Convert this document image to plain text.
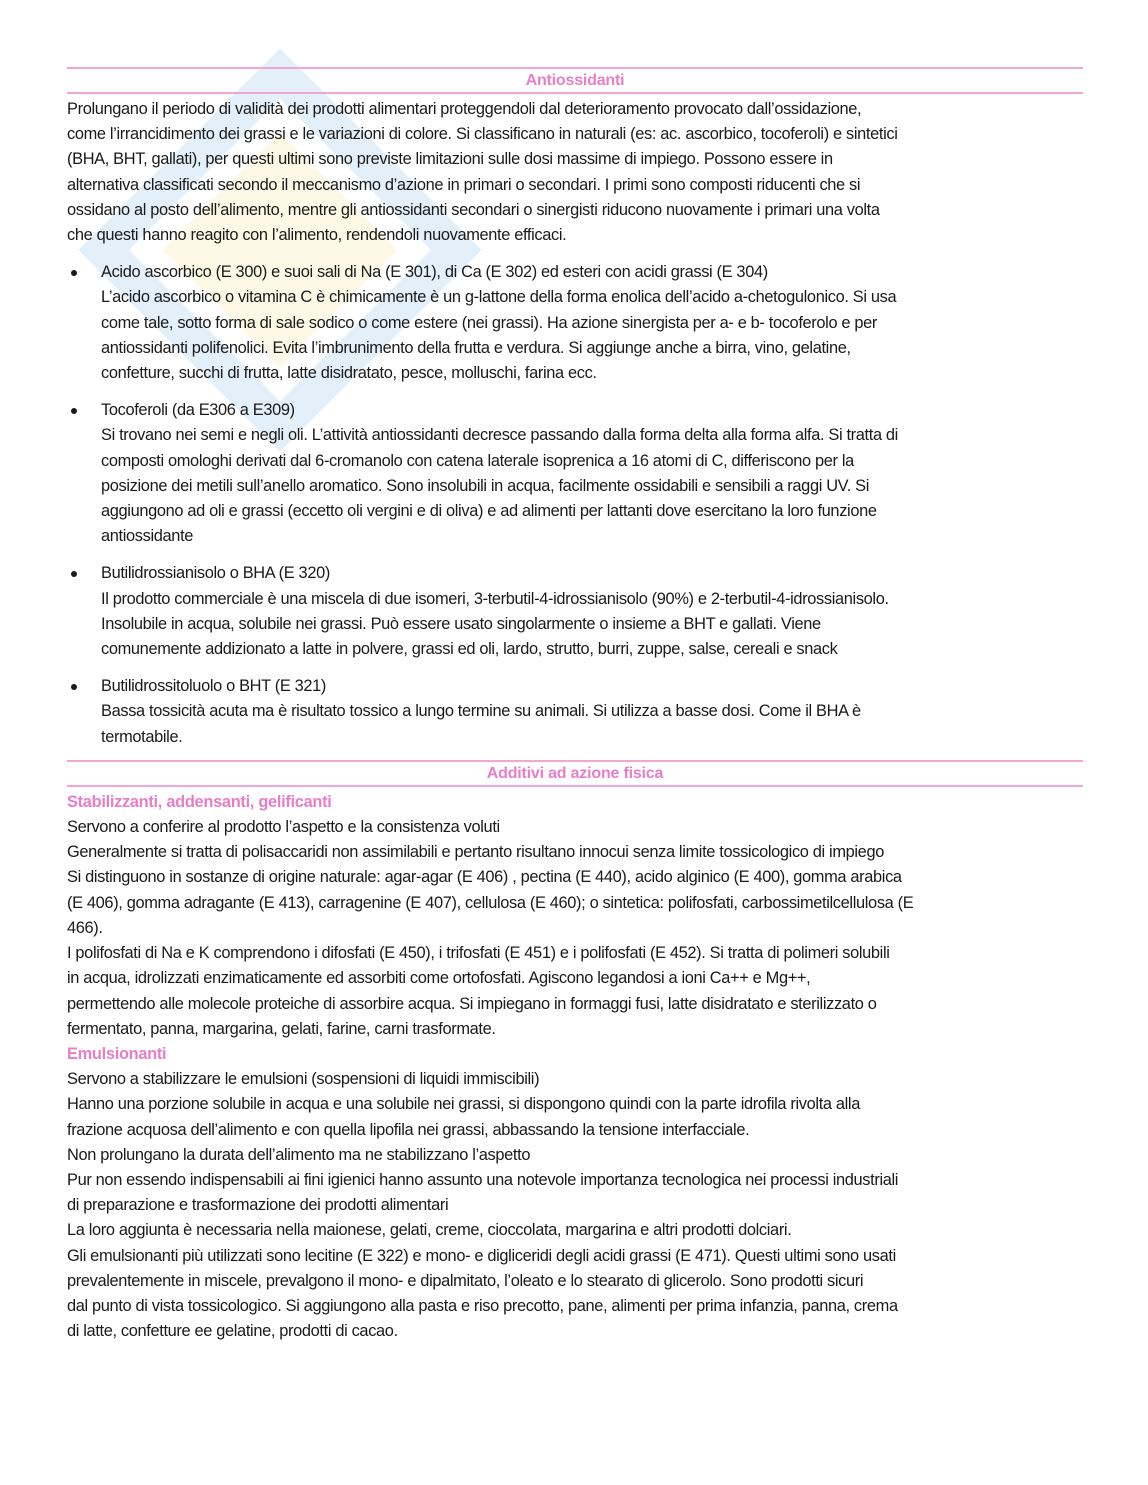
Antiossidanti
Prolungano il periodo di validità dei prodotti alimentari proteggendoli dal deterioramento provocato dall’ossidazione,
come l’irrancidimento dei grassi e le variazioni di colore. Si classificano in naturali (es: ac. ascorbico, tocoferoli) e sintetici
(BHA, BHT, gallati), per questi ultimi sono previste limitazioni sulle dosi massime di impiego. Possono essere in
alternativa classificati secondo il meccanismo d’azione in primari o secondari. I primi sono composti riducenti che si
ossidano al posto dell’alimento, mentre gli antiossidanti secondari o sinergisti riducono nuovamente i primari una volta
che questi hanno reagito con l’alimento, rendendoli nuovamente efficaci.
Acido ascorbico (E 300) e suoi sali di Na (E 301), di Ca (E 302) ed esteri con acidi grassi (E 304)
L’acido ascorbico o vitamina C è chimicamente è un g-lattone della forma enolica dell’acido a-chetogulonico. Si usa
come tale, sotto forma di sale sodico o come estere (nei grassi). Ha azione sinergista per a- e b- tocoferolo e per
antiossidanti polifenolici. Evita l’imbrunimento della frutta e verdura. Si aggiunge anche a birra, vino, gelatine,
confetture, succhi di frutta, latte disidratato, pesce, molluschi, farina ecc.
Tocoferoli (da E306 a E309)
Si trovano nei semi e negli oli. L’attività antiossidanti decresce passando dalla forma delta alla forma alfa. Si tratta di
composti omologhi derivati dal 6-cromanolo con catena laterale isoprenica a 16 atomi di C, differiscono per la
posizione dei metili sull’anello aromatico. Sono insolubili in acqua, facilmente ossidabili e sensibili a raggi UV. Si
aggiungono ad oli e grassi (eccetto oli vergini e di oliva) e ad alimenti per lattanti dove esercitano la loro funzione
antiossidante
Butilidrossianisolo o BHA (E 320)
Il prodotto commerciale è una miscela di due isomeri, 3-terbutil-4-idrossianisolo (90%) e 2-terbutil-4-idrossianisolo.
Insolubile in acqua, solubile nei grassi. Può essere usato singolarmente o insieme a BHT e gallati. Viene
comunemente addizionato a latte in polvere, grassi ed oli, lardo, strutto, burri, zuppe, salse, cereali e snack
Butilidrossitoluolo o BHT (E 321)
Bassa tossicità acuta ma è risultato tossico a lungo termine su animali. Si utilizza a basse dosi. Come il BHA è
termotabile.
Additivi ad azione fisica
Stabilizzanti, addensanti, gelificanti
Servono a conferire al prodotto l’aspetto e la consistenza voluti
Generalmente si tratta di polisaccaridi non assimilabili e pertanto risultano innocui senza limite tossicologico di impiego
Si distinguono in sostanze di origine naturale: agar-agar (E 406) , pectina (E 440), acido alginico (E 400), gomma arabica
(E 406), gomma adragante (E 413), carragenine (E 407), cellulosa (E 460); o sintetica: polifosfati, carbossimetilcellulosa (E
466).
I polifosfati di Na e K comprendono i difosfati (E 450), i trifosfati (E 451) e i polifosfati (E 452). Si tratta di polimeri solubili
in acqua, idrolizzati enzimaticamente ed assorbiti come ortofosfati. Agiscono legandosi a ioni Ca++ e Mg++,
permettendo alle molecole proteiche di assorbire acqua. Si impiegano in formaggi fusi, latte disidratato e sterilizzato o
fermentato, panna, margarina, gelati, farine, carni trasformate.
Emulsionanti
Servono a stabilizzare le emulsioni (sospensioni di liquidi immiscibili)
Hanno una porzione solubile in acqua e una solubile nei grassi, si dispongono quindi con la parte idrofila rivolta alla
frazione acquosa dell’alimento e con quella lipofila nei grassi, abbassando la tensione interfacciale.
Non prolungano la durata dell’alimento ma ne stabilizzano l’aspetto
Pur non essendo indispensabili ai fini igienici hanno assunto una notevole importanza tecnologica nei processi industriali
di preparazione e trasformazione dei prodotti alimentari
La loro aggiunta è necessaria nella maionese, gelati, creme, cioccolata, margarina e altri prodotti dolciari.
Gli emulsionanti più utilizzati sono lecitine (E 322) e mono- e digliceridi degli acidi grassi (E 471). Questi ultimi sono usati
prevalentemente in miscele, prevalgono il mono- e dipalmitato, l’oleato e lo stearato di glicerolo. Sono prodotti sicuri
dal punto di vista tossicologico. Si aggiungono alla pasta e riso precotto, pane, alimenti per prima infanzia, panna, crema
di latte, confetture ee gelatine, prodotti di cacao.
